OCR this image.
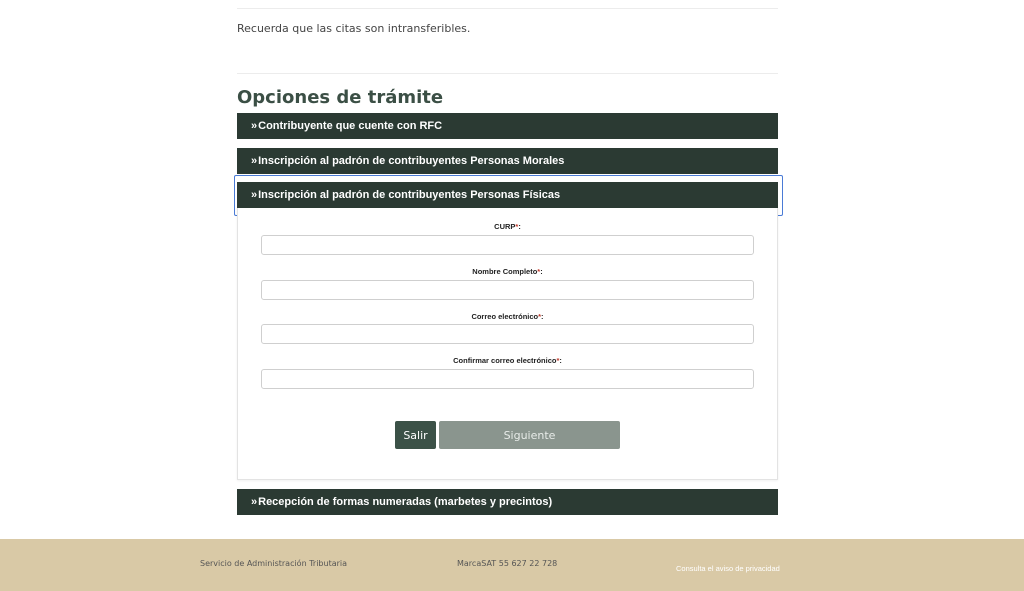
Recuerda que las citas son intransferibles.
Opciones de trámite
»Contribuyente que cuente con RFC
»Inscripción al padrón de contribuyentes Personas Morales
»Inscripción al padrón de contribuyentes Personas Físicas
CURP*:
Nombre Completo*:
Correo electrónico*:
Confirmar correo electrónico*:
Salir	Siguiente
»Recepción de formas numeradas (marbetes y precintos)
Servicio de Administración Tributaria	MarcaSAT 55 627 22 728
Consulta el aviso de privacidad
